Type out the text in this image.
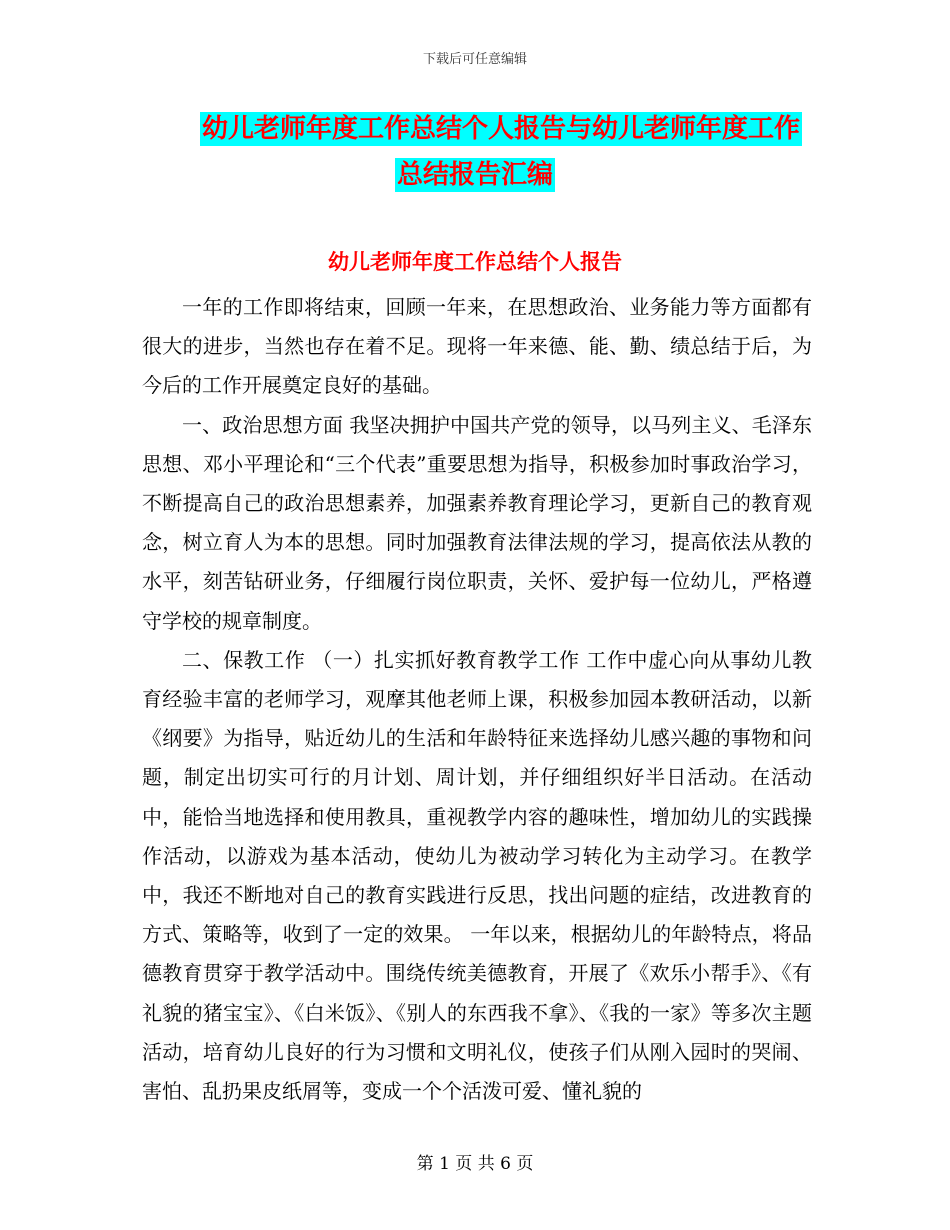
下载后可任意编辑
幼儿老师年度工作总结个人报告与幼儿老师年度工作
总结报告汇编
幼儿老师年度工作总结个人报告

一年的工作即将结束，回顾一年来，在思想政治、业务能力等方面都有很大的进步，当然也存在着不足。现将一年来德、能、勤、绩总结于后，为今后的工作开展奠定良好的基础。

一、政治思想方面 我坚决拥护中国共产党的领导，以马列主义、毛泽东思想、邓小平理论和“三个代表”重要思想为指导，积极参加时事政治学习，不断提高自己的政治思想素养，加强素养教育理论学习，更新自己的教育观念，树立育人为本的思想。同时加强教育法律法规的学习，提高依法从教的水平，刻苦钻研业务，仔细履行岗位职责，关怀、爱护每一位幼儿，严格遵守学校的规章制度。

二、保教工作 （一）扎实抓好教育教学工作 工作中虚心向从事幼儿教育经验丰富的老师学习，观摩其他老师上课，积极参加园本教研活动，以新《纲要》为指导，贴近幼儿的生活和年龄特征来选择幼儿感兴趣的事物和问题，制定出切实可行的月计划、周计划，并仔细组织好半日活动。在活动中，能恰当地选择和使用教具，重视教学内容的趣味性，增加幼儿的实践操作活动，以游戏为基本活动，使幼儿为被动学习转化为主动学习。在教学中，我还不断地对自己的教育实践进行反思，找出问题的症结，改进教育的方式、策略等，收到了一定的效果。 一年以来，根据幼儿的年龄特点，将品德教育贯穿于教学活动中。围绕传统美德教育，开展了《欢乐小帮手》、《有礼貌的猪宝宝》、《白米饭》、《别人的东西我不拿》、《我的一家》等多次主题活动，培育幼儿良好的行为习惯和文明礼仪，使孩子们从刚入园时的哭闹、害怕、乱扔果皮纸屑等，变成一个个活泼可爱、懂礼貌的

第 1 页 共 6 页
